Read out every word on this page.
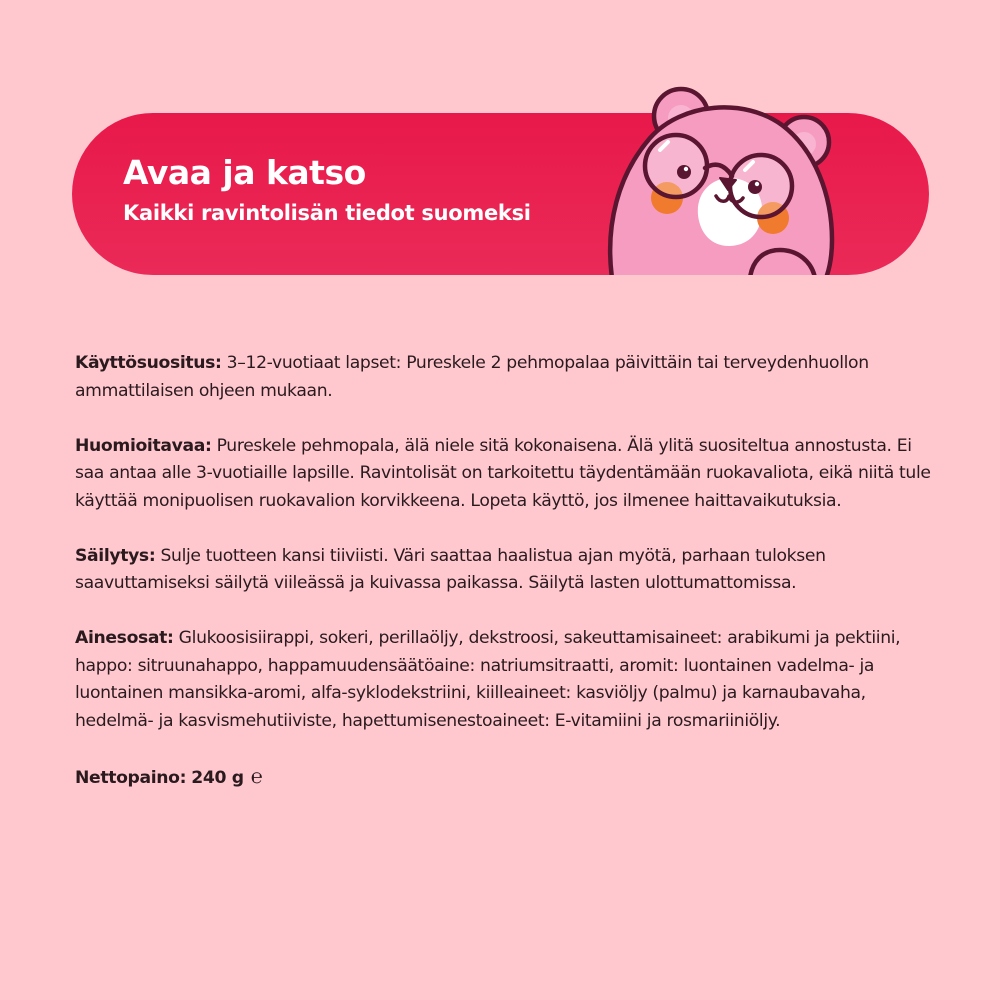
Avaa ja katso
Kaikki ravintolisän tiedot suomeksi

Käyttösuositus: 3–12-vuotiaat lapset: Pureskele 2 pehmopalaa päivittäin tai terveydenhuollon ammattilaisen ohjeen mukaan.

Huomioitavaa: Pureskele pehmopala, älä niele sitä kokonaisena. Älä ylitä suositeltua annostusta. Ei saa antaa alle 3-vuotiaille lapsille. Ravintolisät on tarkoitettu täydentämään ruokavaliota, eikä niitä tule käyttää monipuolisen ruokavalion korvikkeena. Lopeta käyttö, jos ilmenee haittavaikutuksia.

Säilytys: Sulje tuotteen kansi tiiviisti. Väri saattaa haalistua ajan myötä, parhaan tuloksen saavuttamiseksi säilytä viileässä ja kuivassa paikassa. Säilytä lasten ulottumattomissa.

Ainesosat: Glukoosisiirappi, sokeri, perillaöljy, dekstroosi, sakeuttamisaineet: arabikumi ja pektiini, happo: sitruunahappo, happamuudensäätöaine: natriumsitraatti, aromit: luontainen vadelma- ja luontainen mansikka-aromi, alfa-syklodekstriini, kiilleaineet: kasviöljy (palmu) ja karnaubavaha, hedelmä- ja kasvismehutiiviste, hapettumisenestoaineet: E-vitamiini ja rosmariiniöljy.

Nettopaino: 240 g ℮
